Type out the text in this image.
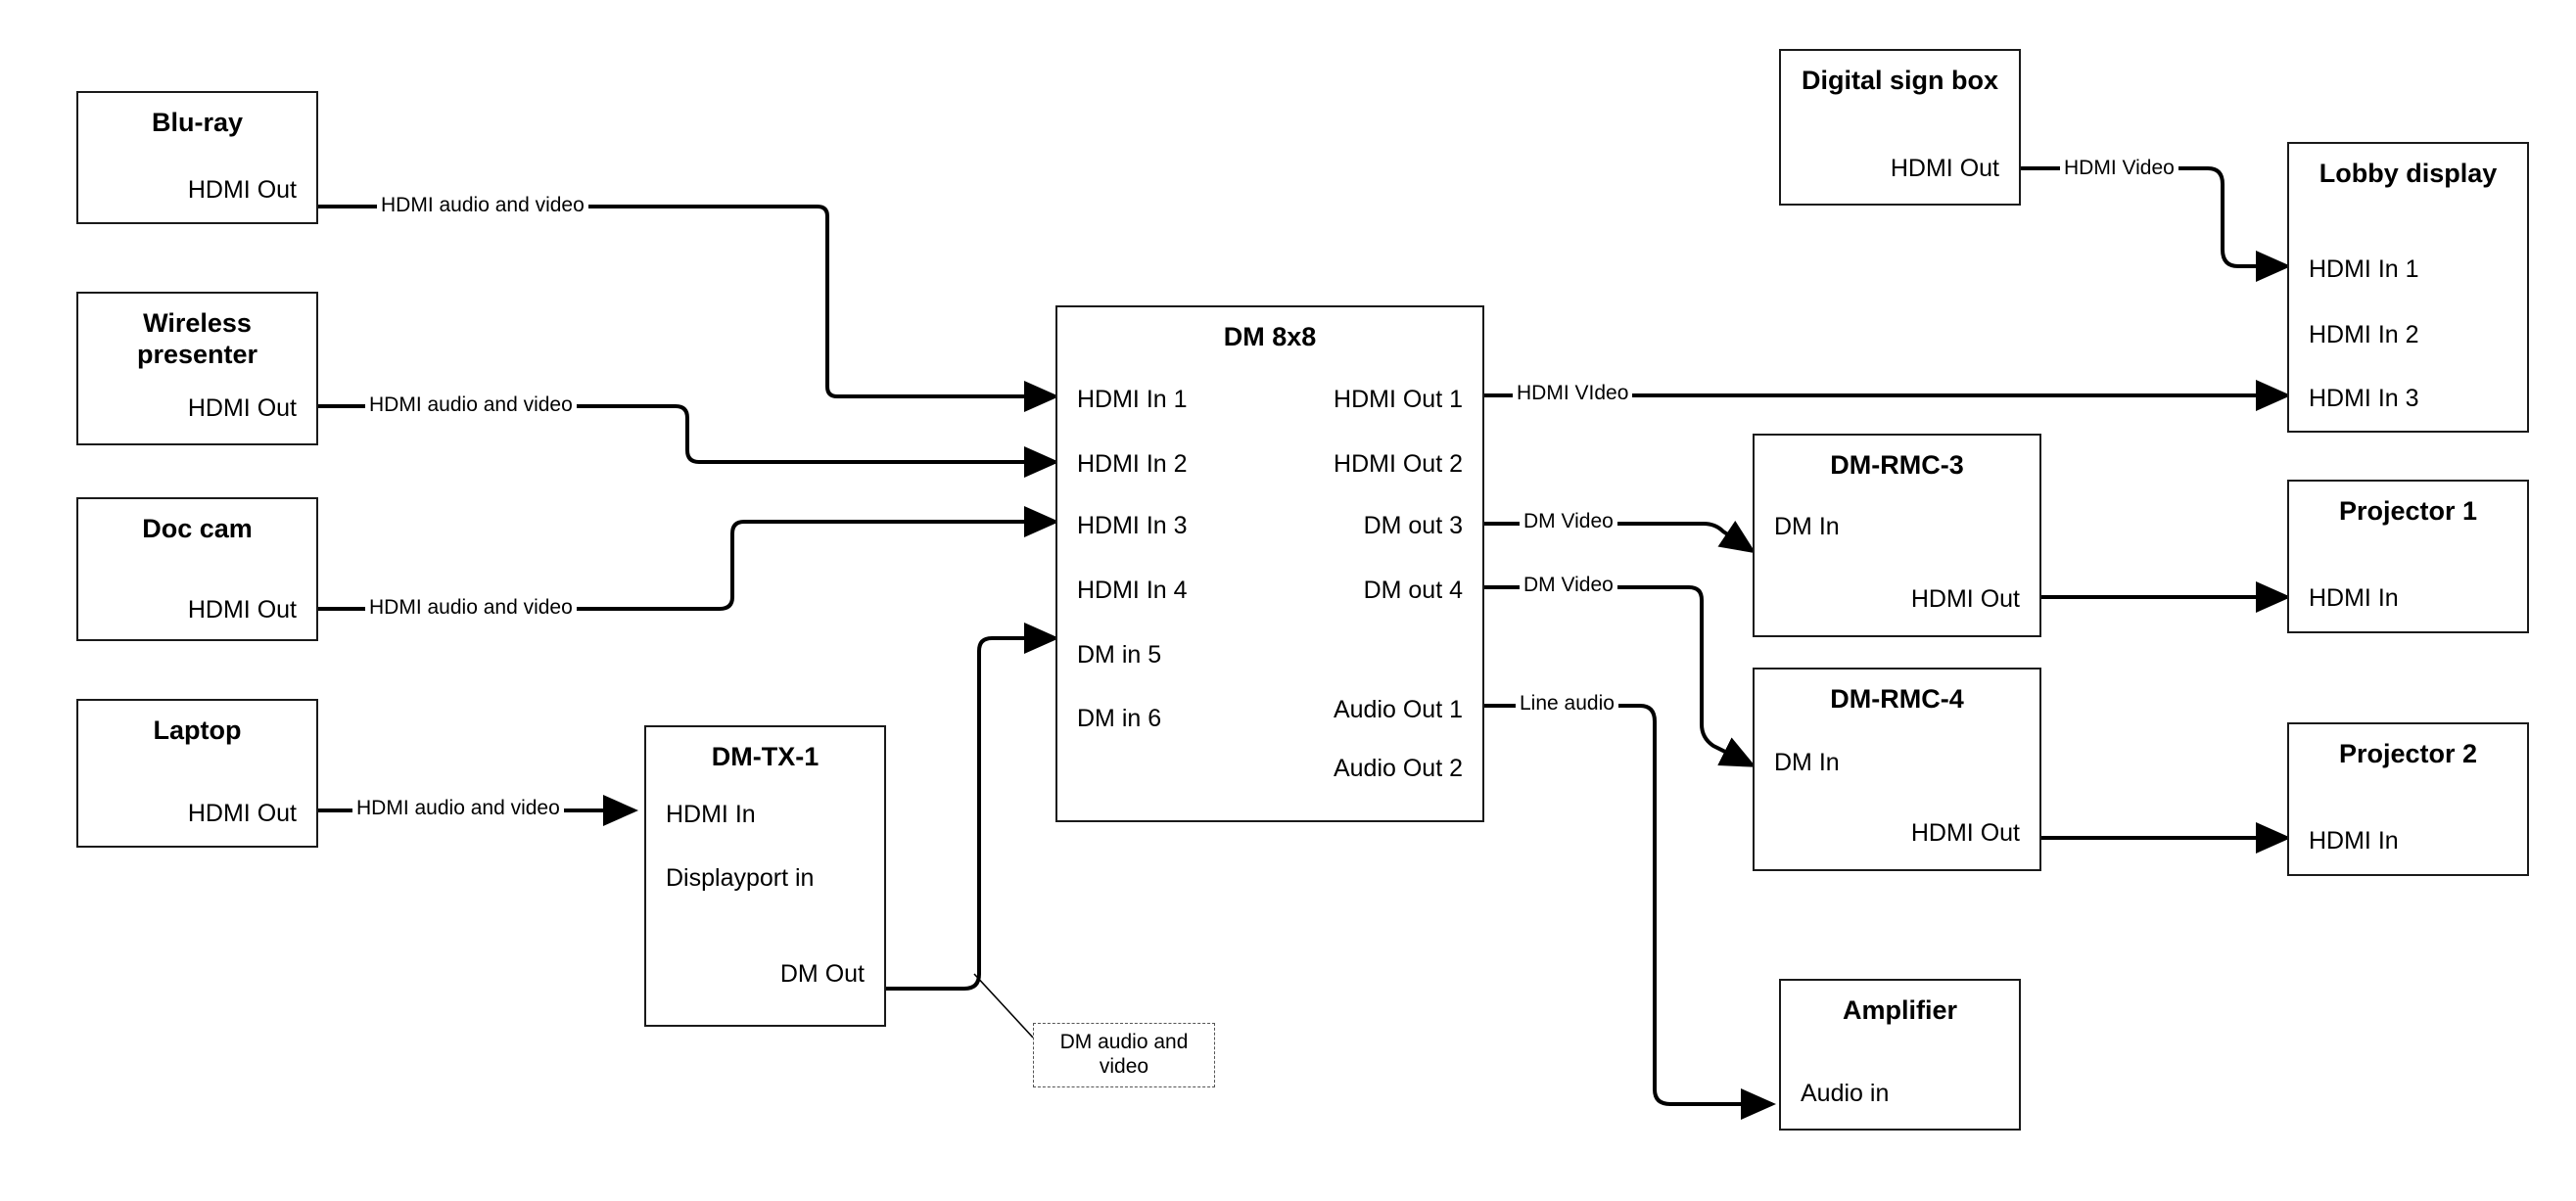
Blu-ray
HDMI Out
Wireless presenter
HDMI Out
Doc cam
HDMI Out
Laptop
HDMI Out
DM-TX-1
HDMI In
Displayport in
DM Out
DM audio and video
DM 8x8
HDMI In 1
HDMI In 2
HDMI In 3
HDMI In 4
DM in 5
DM in 6
HDMI Out 1
HDMI Out 2
DM out 3
DM out 4
Audio Out 1
Audio Out 2
Digital sign box
HDMI Out	Lobby display
HDMI In 1
HDMI In 2
HDMI In 3
DM-RMC-3
DM In
HDMI Out
DM-RMC-4
DM In
HDMI Out
Projector 1
HDMI In
Projector 2
HDMI In
Amplifier
Audio in
HDMI audio and video
HDMI audio and video
HDMI audio and video
HDMI audio and video
HDMI Video
HDMI VIdeo
DM Video
DM Video
Line audio
